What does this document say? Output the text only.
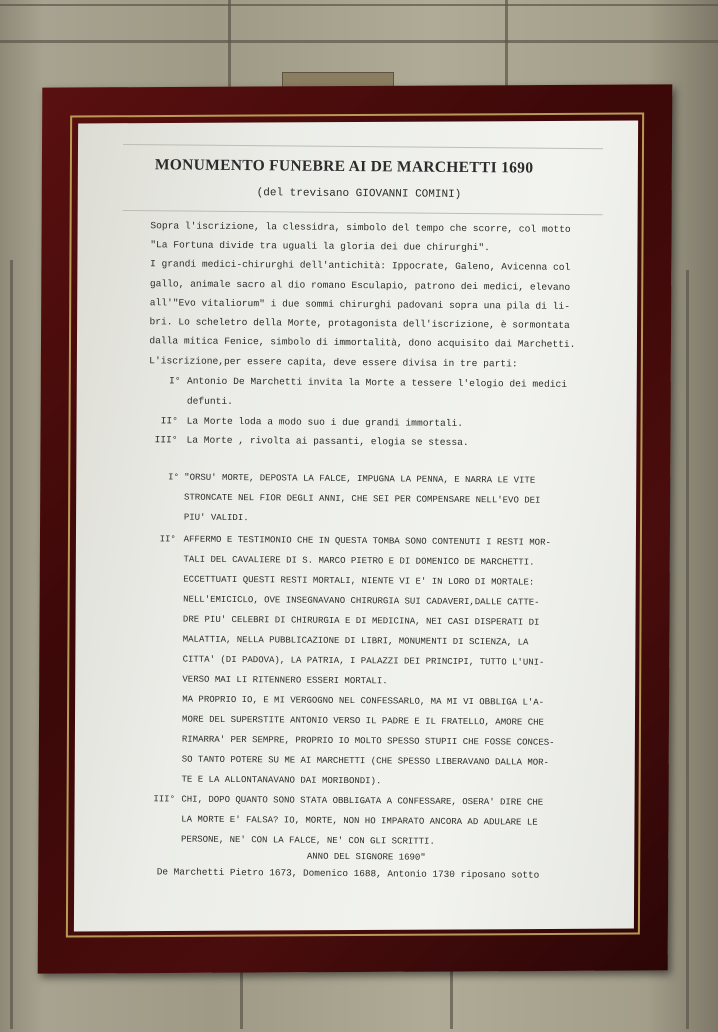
MONUMENTO FUNEBRE AI DE MARCHETTI 1690
(del trevisano GIOVANNI COMINI)
Sopra l'iscrizione, la clessidra, simbolo del tempo che scorre, col motto
"La Fortuna divide tra uguali la gloria dei due chirurghi".
I grandi medici-chirurghi dell'antichità: Ippocrate, Galeno, Avicenna col
gallo, animale sacro al dio romano Esculapio, patrono dei medici, elevano
all'"Evo vitaliorum" i due sommi chirurghi padovani sopra una pila di li-
bri. Lo scheletro della Morte, protagonista dell'iscrizione, è sormontata
dalla mitica Fenice, simbolo di immortalità, dono acquisito dai Marchetti.
L'iscrizione,per essere capita, deve essere divisa in tre parti:
I° Antonio De Marchetti invita la Morte a tessere l'elogio dei medici
defunti.
II° La Morte loda a modo suo i due grandi immortali.
III° La Morte , rivolta ai passanti, elogia se stessa.
I° "ORSU' MORTE, DEPOSTA LA FALCE, IMPUGNA LA PENNA, E NARRA LE VITE
STRONCATE NEL FIOR DEGLI ANNI, CHE SEI PER COMPENSARE NELL'EVO DEI
PIU' VALIDI.
II° AFFERMO E TESTIMONIO CHE IN QUESTA TOMBA SONO CONTENUTI I RESTI MOR-
TALI DEL CAVALIERE DI S. MARCO PIETRO E DI DOMENICO DE MARCHETTI.
ECCETTUATI QUESTI RESTI MORTALI, NIENTE VI E' IN LORO DI MORTALE:
NELL'EMICICLO, OVE INSEGNAVANO CHIRURGIA SUI CADAVERI,DALLE CATTE-
DRE PIU' CELEBRI DI CHIRURGIA E DI MEDICINA, NEI CASI DISPERATI DI
MALATTIA, NELLA PUBBLICAZIONE DI LIBRI, MONUMENTI DI SCIENZA, LA
CITTA' (DI PADOVA), LA PATRIA, I PALAZZI DEI PRINCIPI, TUTTO L'UNI-
VERSO MAI LI RITENNERO ESSERI MORTALI.
MA PROPRIO IO, E MI VERGOGNO NEL CONFESSARLO, MA MI VI OBBLIGA L'A-
MORE DEL SUPERSTITE ANTONIO VERSO IL PADRE E IL FRATELLO, AMORE CHE
RIMARRA' PER SEMPRE, PROPRIO IO MOLTO SPESSO STUPII CHE FOSSE CONCES-
SO TANTO POTERE SU ME AI MARCHETTI (CHE SPESSO LIBERAVANO DALLA MOR-
TE E LA ALLONTANAVANO DAI MORIBONDI).
III° CHI, DOPO QUANTO SONO STATA OBBLIGATA A CONFESSARE, OSERA' DIRE CHE
LA MORTE E' FALSA? IO, MORTE, NON HO IMPARATO ANCORA AD ADULARE LE
PERSONE, NE' CON LA FALCE, NE' CON GLI SCRITTI.
ANNO DEL SIGNORE 1690"
De Marchetti Pietro 1673, Domenico 1688, Antonio 1730 riposano sotto
